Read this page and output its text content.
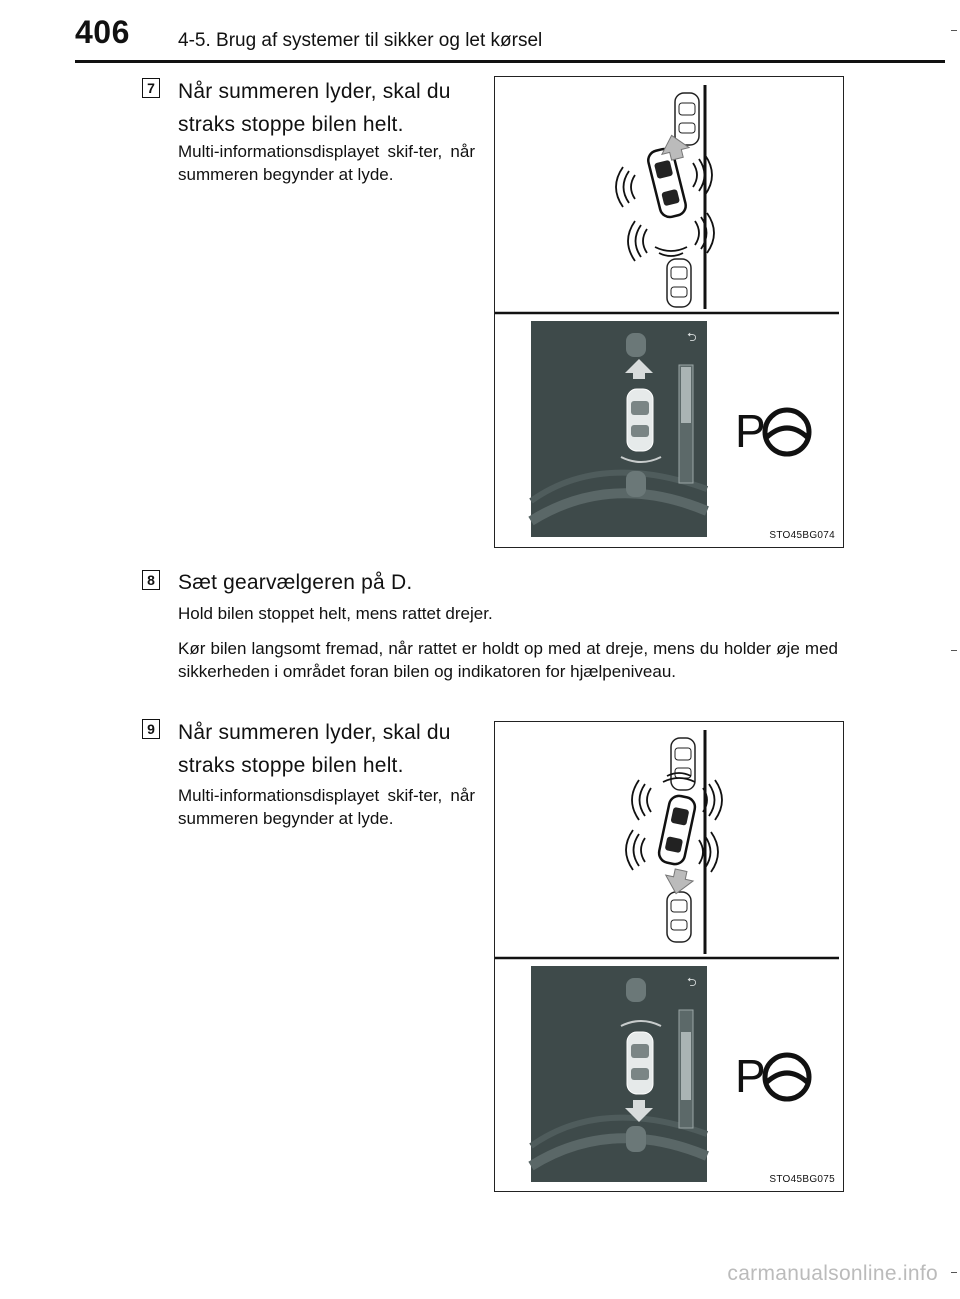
406	4-5. Brug af systemer til sikker og let kørsel
7 Når summeren lyder, skal du
straks stoppe bilen helt.
Multi-informationsdisplayet skif-ter, når summeren begynder at lyde.
⮌
P
STO45BG074
8 Sæt gearvælgeren på D.
Hold bilen stoppet helt, mens rattet drejer.
Kør bilen langsomt fremad, når rattet er holdt op med at dreje, mens du holder øje med sikkerheden i området foran bilen og indikatoren for hjælpeniveau.
9 Når summeren lyder, skal du
straks stoppe bilen helt.
Multi-informationsdisplayet skif-ter, når summeren begynder at lyde.
⮌
P
STO45BG075
carmanualsonline.info
